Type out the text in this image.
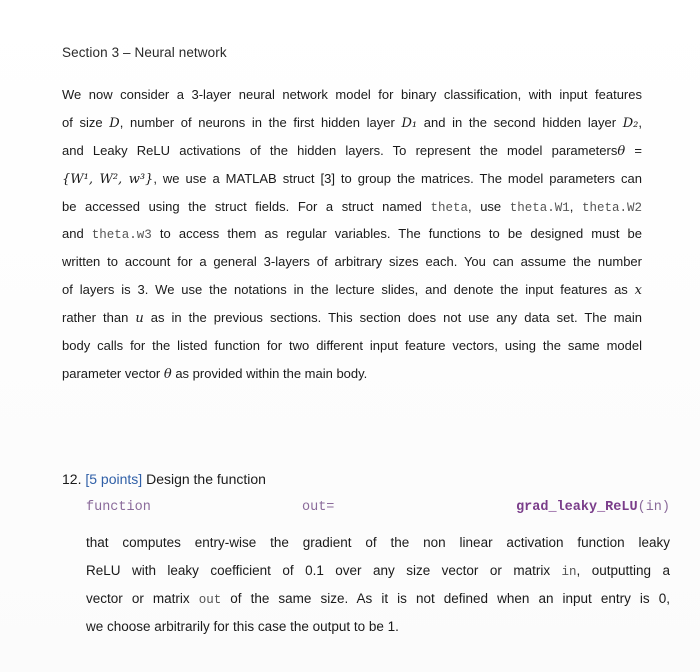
Section 3 – Neural network
We now consider a 3-layer neural network model for binary classification, with input features
of size D, number of neurons in the first hidden layer D₁ and in the second hidden layer D₂,
and Leaky ReLU activations of the hidden layers. To represent the model parametersθ =
{W¹, W², w³}, we use a MATLAB struct [3] to group the matrices. The model parameters can
be accessed using the struct fields. For a struct named theta, use theta.W1, theta.W2
and theta.w3 to access them as regular variables. The functions to be designed must be
written to account for a general 3-layers of arbitrary sizes each. You can assume the number
of layers is 3. We use the notations in the lecture slides, and denote the input features as x
rather than u as in the previous sections. This section does not use any data set. The main
body calls for the listed function for two different input feature vectors, using the same model
parameter vector θ as provided within the main body.
12. [5 points] Design the function
function	out=	grad_leaky_ReLU(in)
that computes entry-wise the gradient of the non linear activation function leaky
ReLU with leaky coefficient of 0.1 over any size vector or matrix in, outputting a
vector or matrix out of the same size. As it is not defined when an input entry is 0,
we choose arbitrarily for this case the output to be 1.
